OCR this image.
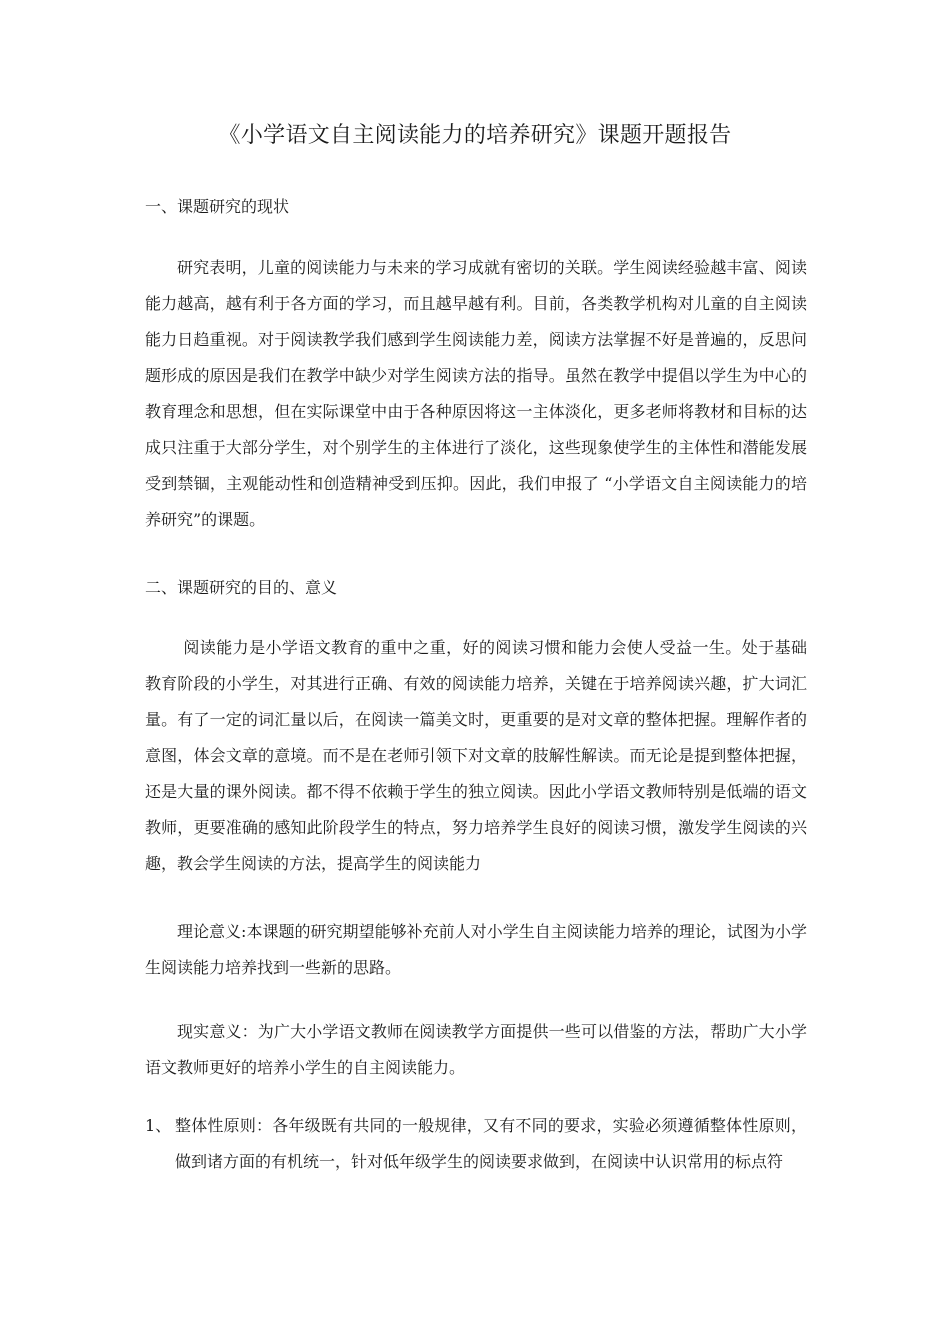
《小学语文自主阅读能力的培养研究》课题开题报告
一、课题研究的现状

研究表明，儿童的阅读能力与未来的学习成就有密切的关联。学生阅读经验越丰富、阅读能力越高，越有利于各方面的学习，而且越早越有利。目前，各类教学机构对儿童的自主阅读能力日趋重视。对于阅读教学我们感到学生阅读能力差，阅读方法掌握不好是普遍的，反思问题形成的原因是我们在教学中缺少对学生阅读方法的指导。虽然在教学中提倡以学生为中心的教育理念和思想，但在实际课堂中由于各种原因将这一主体淡化，更多老师将教材和目标的达成只注重于大部分学生，对个别学生的主体进行了淡化，这些现象使学生的主体性和潜能发展受到禁锢，主观能动性和创造精神受到压抑。因此，我们申报了 “小学语文自主阅读能力的培养研究”的课题。

二、课题研究的目的、意义

阅读能力是小学语文教育的重中之重，好的阅读习惯和能力会使人受益一生。处于基础教育阶段的小学生，对其进行正确、有效的阅读能力培养，关键在于培养阅读兴趣，扩大词汇量。有了一定的词汇量以后，在阅读一篇美文时，更重要的是对文章的整体把握。理解作者的意图，体会文章的意境。而不是在老师引领下对文章的肢解性解读。而无论是提到整体把握，还是大量的课外阅读。都不得不依赖于学生的独立阅读。因此小学语文教师特别是低端的语文教师，更要准确的感知此阶段学生的特点，努力培养学生良好的阅读习惯，激发学生阅读的兴趣，教会学生阅读的方法，提高学生的阅读能力

理论意义:本课题的研究期望能够补充前人对小学生自主阅读能力培养的理论，试图为小学生阅读能力培养找到一些新的思路。

现实意义：为广大小学语文教师在阅读教学方面提供一些可以借鉴的方法，帮助广大小学语文教师更好的培养小学生的自主阅读能力。

1、 整体性原则：各年级既有共同的一般规律，又有不同的要求，实验必须遵循整体性原则，做到诸方面的有机统一，针对低年级学生的阅读要求做到，在阅读中认识常用的标点符
